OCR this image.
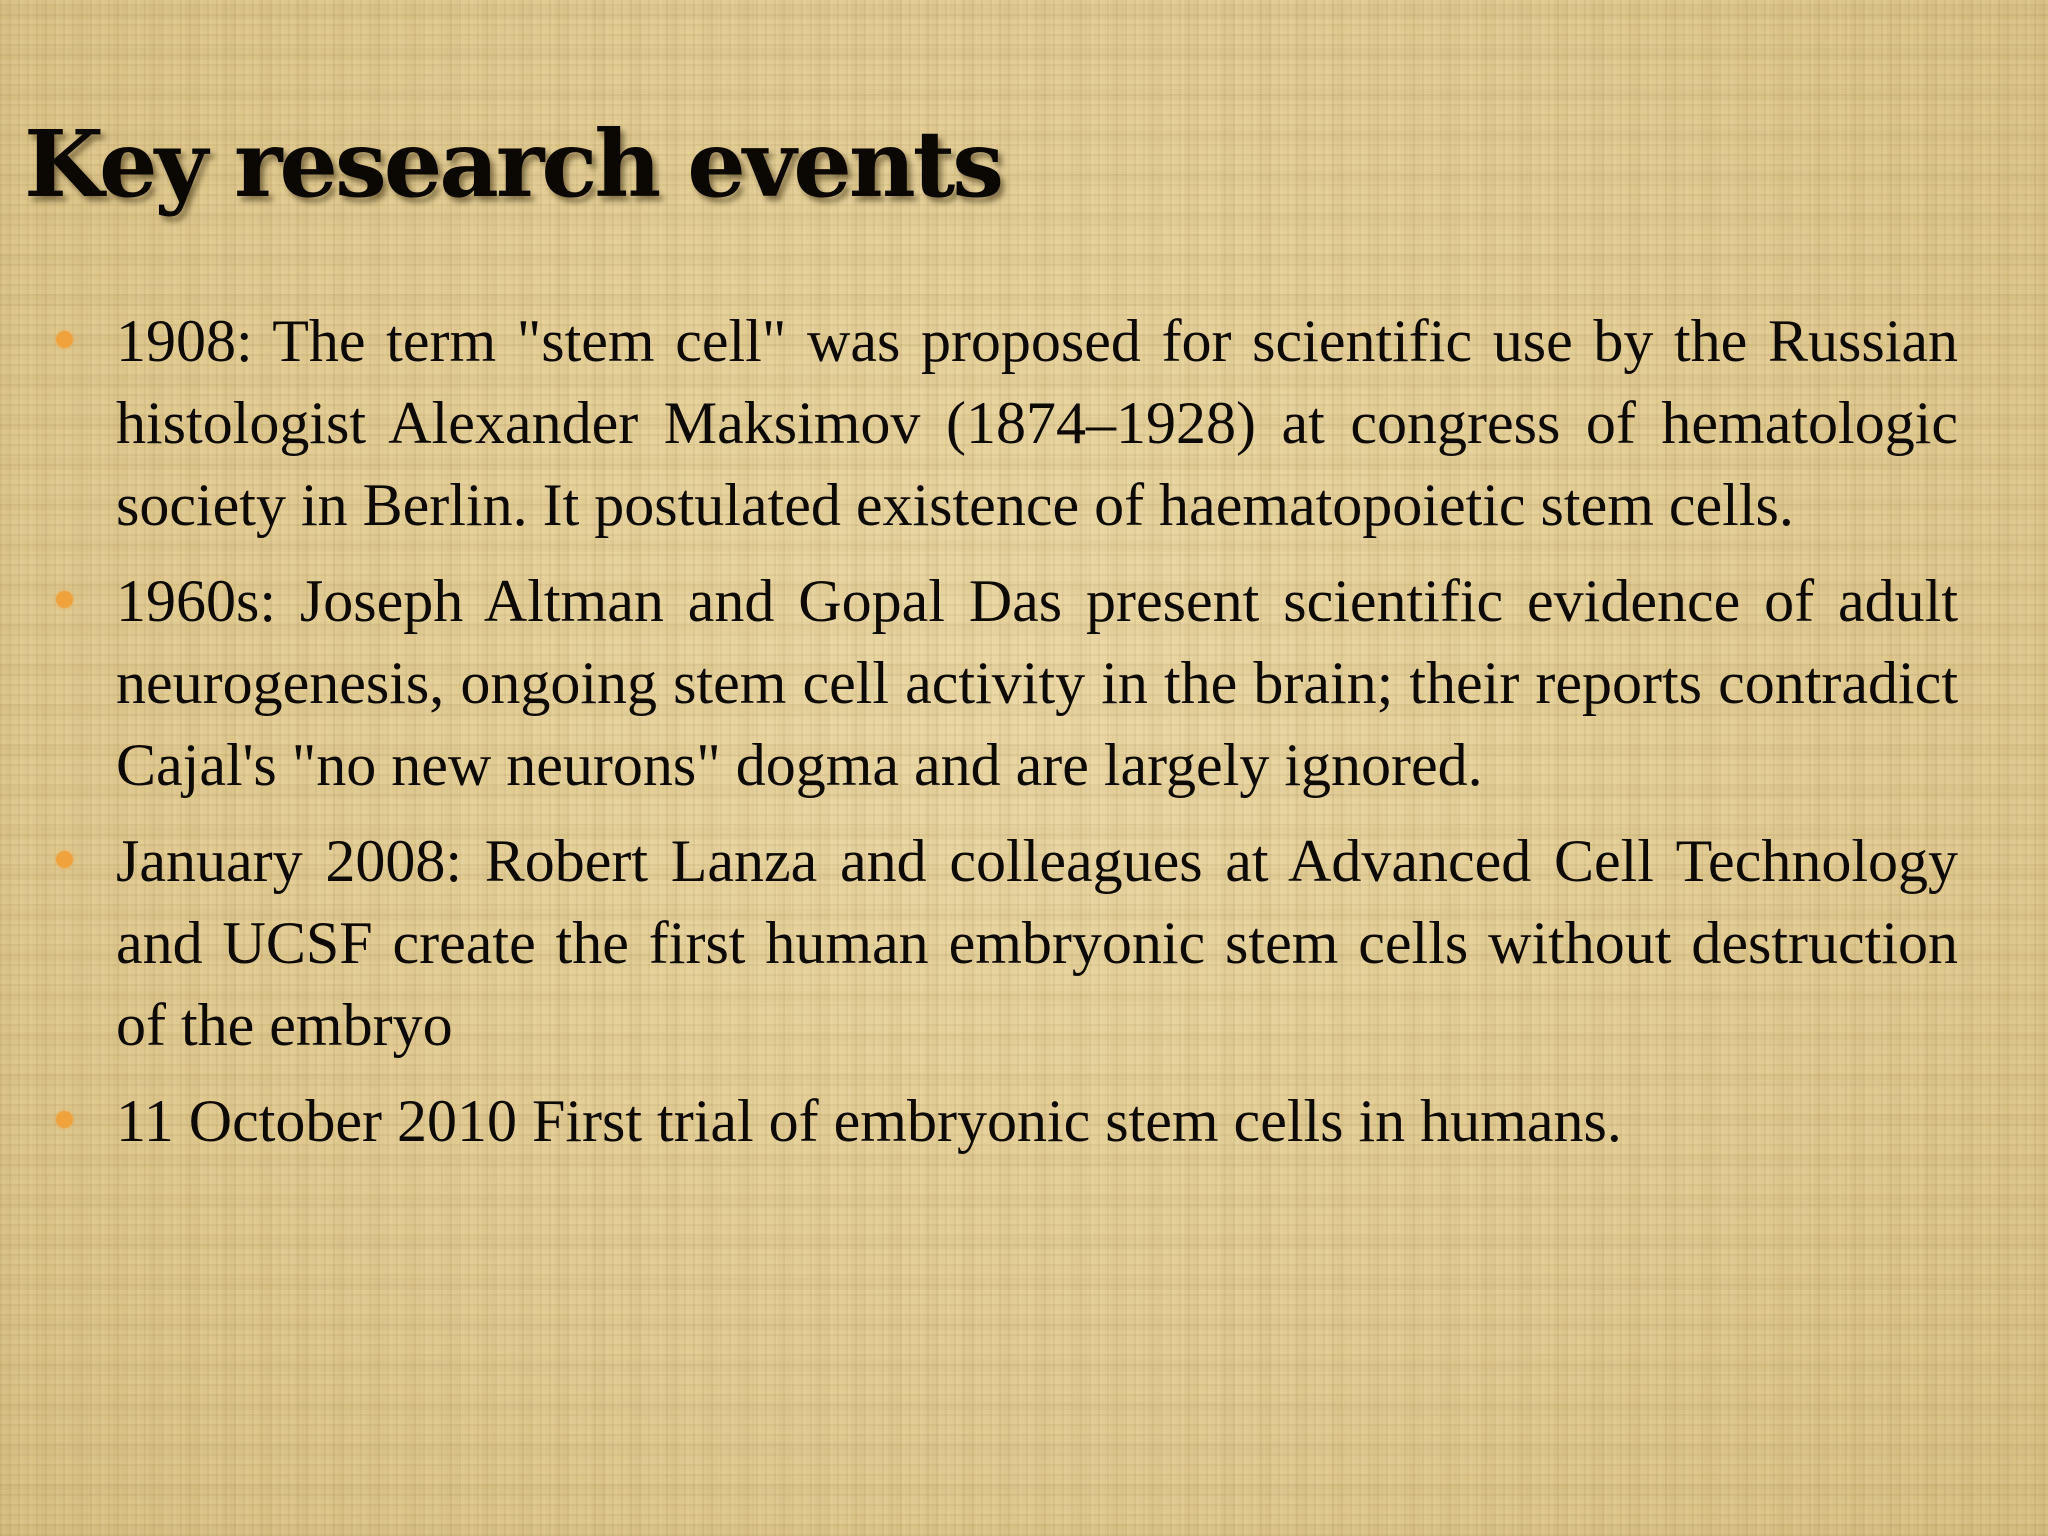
Key research events
1908: The term "stem cell" was proposed for scientific use by the Russian histologist Alexander Maksimov (1874–1928) at congress of hematologic society in Berlin. It postulated existence of haematopoietic stem cells.
1960s: Joseph Altman and Gopal Das present scientific evidence of adult neurogenesis, ongoing stem cell activity in the brain; their reports contradict Cajal's "no new neurons" dogma and are largely ignored.
January 2008: Robert Lanza and colleagues at Advanced Cell Technology and UCSF create the first human embryonic stem cells without destruction of the embryo
11 October 2010 First trial of embryonic stem cells in humans.
